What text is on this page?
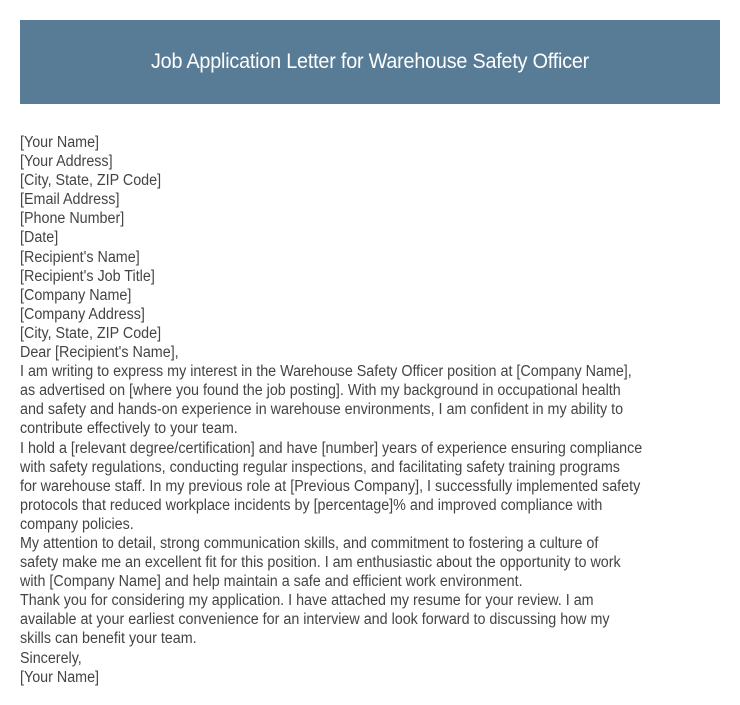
Job Application Letter for Warehouse Safety Officer
[Your Name]
[Your Address]
[City, State, ZIP Code]
[Email Address]
[Phone Number]
[Date]
[Recipient's Name]
[Recipient's Job Title]
[Company Name]
[Company Address]
[City, State, ZIP Code]
Dear [Recipient's Name],
I am writing to express my interest in the Warehouse Safety Officer position at [Company Name],
as advertised on [where you found the job posting]. With my background in occupational health
and safety and hands-on experience in warehouse environments, I am confident in my ability to
contribute effectively to your team.
I hold a [relevant degree/certification] and have [number] years of experience ensuring compliance
with safety regulations, conducting regular inspections, and facilitating safety training programs
for warehouse staff. In my previous role at [Previous Company], I successfully implemented safety
protocols that reduced workplace incidents by [percentage]% and improved compliance with
company policies.
My attention to detail, strong communication skills, and commitment to fostering a culture of
safety make me an excellent fit for this position. I am enthusiastic about the opportunity to work
with [Company Name] and help maintain a safe and efficient work environment.
Thank you for considering my application. I have attached my resume for your review. I am
available at your earliest convenience for an interview and look forward to discussing how my
skills can benefit your team.
Sincerely,
[Your Name]
